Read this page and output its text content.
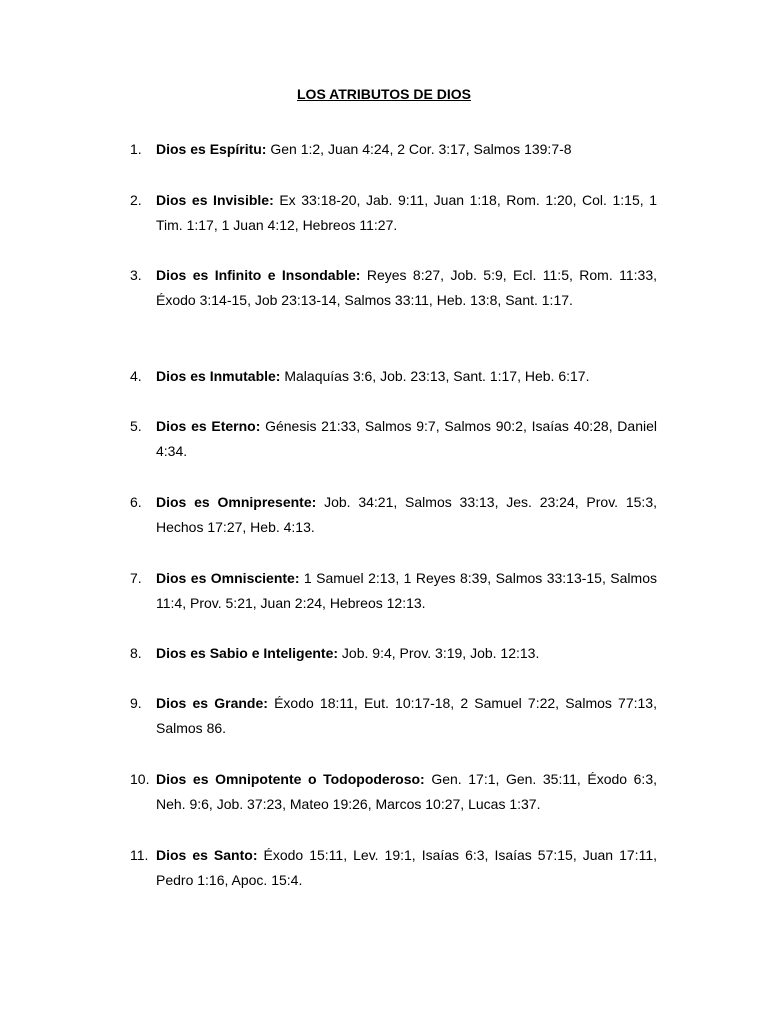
LOS ATRIBUTOS DE DIOS
1.	Dios es Espíritu: Gen 1:2, Juan 4:24, 2 Cor. 3:17, Salmos 139:7-8
2.	Dios es Invisible: Ex 33:18-20, Jab. 9:11, Juan 1:18, Rom. 1:20, Col. 1:15, 1 Tim. 1:17, 1 Juan 4:12, Hebreos 11:27.
3.	Dios es Infinito e Insondable: Reyes 8:27, Job. 5:9, Ecl. 11:5, Rom. 11:33, Éxodo 3:14-15, Job 23:13-14, Salmos 33:11, Heb. 13:8, Sant. 1:17.
4.	Dios es Inmutable: Malaquías 3:6, Job. 23:13, Sant. 1:17, Heb. 6:17.
5.	Dios es Eterno: Génesis 21:33, Salmos 9:7, Salmos 90:2, Isaías 40:28, Daniel 4:34.
6.	Dios es Omnipresente: Job. 34:21, Salmos 33:13, Jes. 23:24, Prov. 15:3, Hechos 17:27, Heb. 4:13.
7.	Dios es Omnisciente: 1 Samuel 2:13, 1 Reyes 8:39, Salmos 33:13-15, Salmos 11:4, Prov. 5:21, Juan 2:24, Hebreos 12:13.
8.	Dios es Sabio e Inteligente: Job. 9:4, Prov. 3:19, Job. 12:13.
9.	Dios es Grande: Éxodo 18:11, Eut. 10:17-18, 2 Samuel 7:22, Salmos 77:13, Salmos 86.
10. Dios es Omnipotente o Todopoderoso: Gen. 17:1, Gen. 35:11, Éxodo 6:3, Neh. 9:6, Job. 37:23, Mateo 19:26, Marcos 10:27, Lucas 1:37.
11. Dios es Santo: Éxodo 15:11, Lev. 19:1, Isaías 6:3, Isaías 57:15, Juan 17:11, Pedro 1:16, Apoc. 15:4.
